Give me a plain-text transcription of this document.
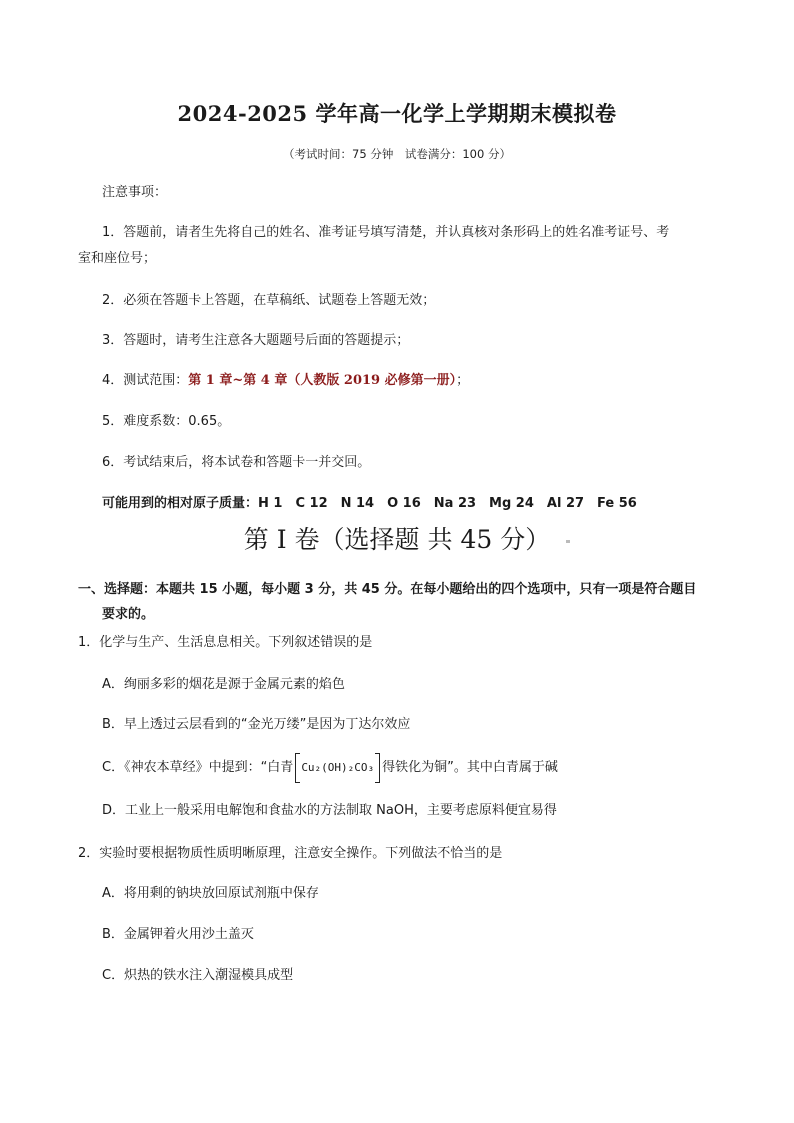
2024-2025 学年高一化学上学期期末模拟卷
（考试时间：75 分钟　试卷满分：100 分）
注意事项：
1．答题前，请者生先将自己的姓名、准考证号填写清楚，并认真核对条形码上的姓名准考证号、考
室和座位号；
2．必须在答题卡上答题，在草稿纸、试题卷上答题无效；
3．答题时，请考生注意各大题题号后面的答题提示；
4．测试范围：第 1 章~第 4 章（人教版 2019 必修第一册）；
5．难度系数：0.65。
6．考试结束后，将本试卷和答题卡一并交回。
可能用到的相对原子质量：H 1　C 12　N 14　O 16　Na 23　Mg 24　Al 27　Fe 56
第 I 卷（选择题 共 45 分）
一、选择题：本题共 15 小题，每小题 3 分，共 45 分。在每小题给出的四个选项中，只有一项是符合题目
要求的。
1．化学与生产、生活息息相关。下列叙述错误的是
A．绚丽多彩的烟花是源于金属元素的焰色
B．早上透过云层看到的“金光万缕”是因为丁达尔效应
C．《神农本草经》中提到：“白青 Cu₂(OH)₂CO₃ 得铁化为铜”。其中白青属于碱
D．工业上一般采用电解饱和食盐水的方法制取 NaOH，主要考虑原料便宜易得
2．实验时要根据物质性质明晰原理，注意安全操作。下列做法不恰当的是
A．将用剩的钠块放回原试剂瓶中保存
B．金属钾着火用沙土盖灭
C．炽热的铁水注入潮湿模具成型
